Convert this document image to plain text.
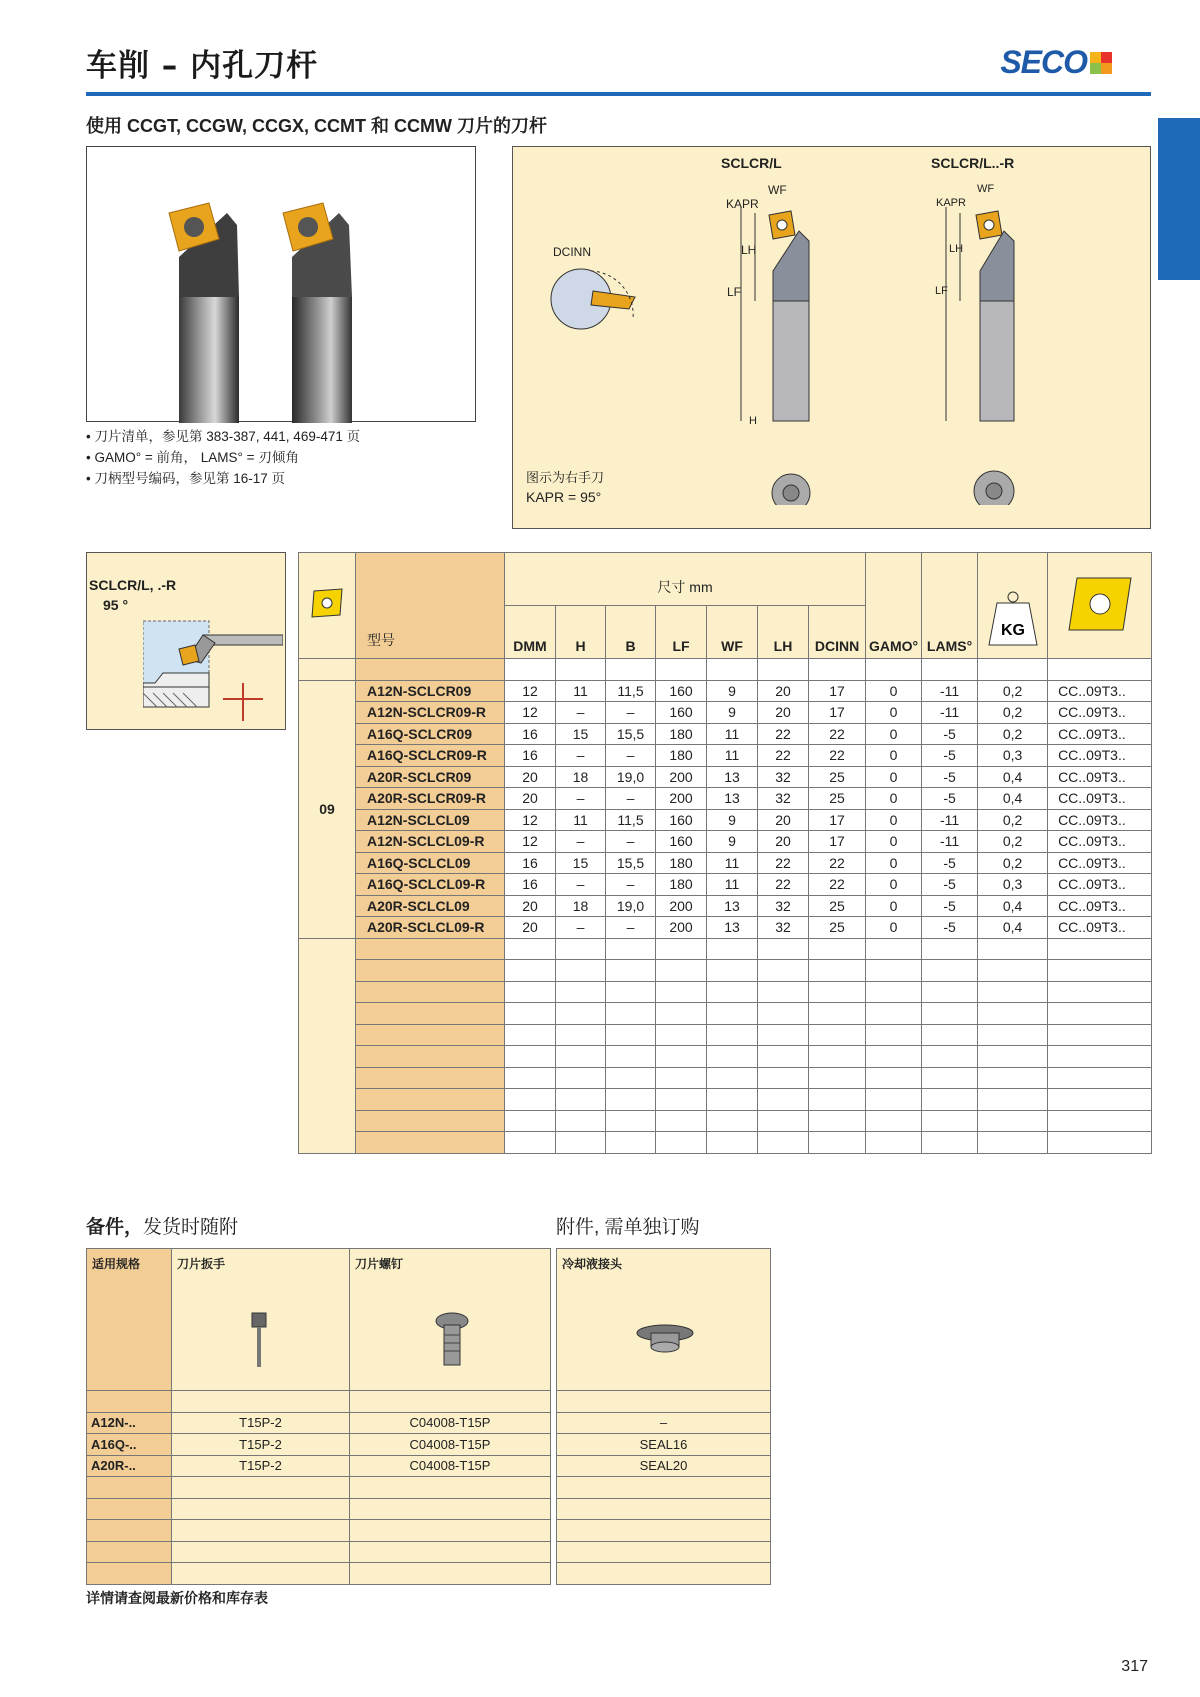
车削 – 内孔刀杆	SECO
使用 CCGT, CCGW, CCGX, CCMT 和 CCMW 刀片的刀杆
• 刀片清单，参见第 383-387, 441, 469-471 页
• GAMO° = 前角， LAMS° = 刃倾角
• 刀柄型号编码，参见第 16-17 页
SCLCR/L	SCLCR/L..-R
DCINN
KAPR
WF
LH
LF
H
KAPR
WF
LH
LF
图示为右手刀
KAPR = 95°
SCLCR/L, .-R
95 °
	型号	尺寸 mm							GAMO°	LAMS°	KG

		DMM	H	B	LF	WF	LH	DCINN				

09	A12N-SCLCR09	12	11	11,5	160	9	20	17	0	-11	0,2	CC..09T3..
	A12N-SCLCR09-R	12	–	–	160	9	20	17	0	-11	0,2	CC..09T3..
	A16Q-SCLCR09	16	15	15,5	180	11	22	22	0	-5	0,2	CC..09T3..
	A16Q-SCLCR09-R	16	–	–	180	11	22	22	0	-5	0,3	CC..09T3..
	A20R-SCLCR09	20	18	19,0	200	13	32	25	0	-5	0,4	CC..09T3..
	A20R-SCLCR09-R	20	–	–	200	13	32	25	0	-5	0,4	CC..09T3..
	A12N-SCLCL09	12	11	11,5	160	9	20	17	0	-11	0,2	CC..09T3..
	A12N-SCLCL09-R	12	–	–	160	9	20	17	0	-11	0,2	CC..09T3..
	A16Q-SCLCL09	16	15	15,5	180	11	22	22	0	-5	0,2	CC..09T3..
	A16Q-SCLCL09-R	16	–	–	180	11	22	22	0	-5	0,3	CC..09T3..
	A20R-SCLCL09	20	18	19,0	200	13	32	25	0	-5	0,4	CC..09T3..
	A20R-SCLCL09-R	20	–	–	200	13	32	25	0	-5	0,4	CC..09T3..

备件，发货时随附	附件, 需单独订购
适用规格	刀片扳手	刀片螺钉

A12N-..	T15P-2	C04008-T15P
A16Q-..	T15P-2	C04008-T15P
A20R-..	T15P-2	C04008-T15P

冷却液接头

–
SEAL16
SEAL20

详情请查阅最新价格和库存表
317
